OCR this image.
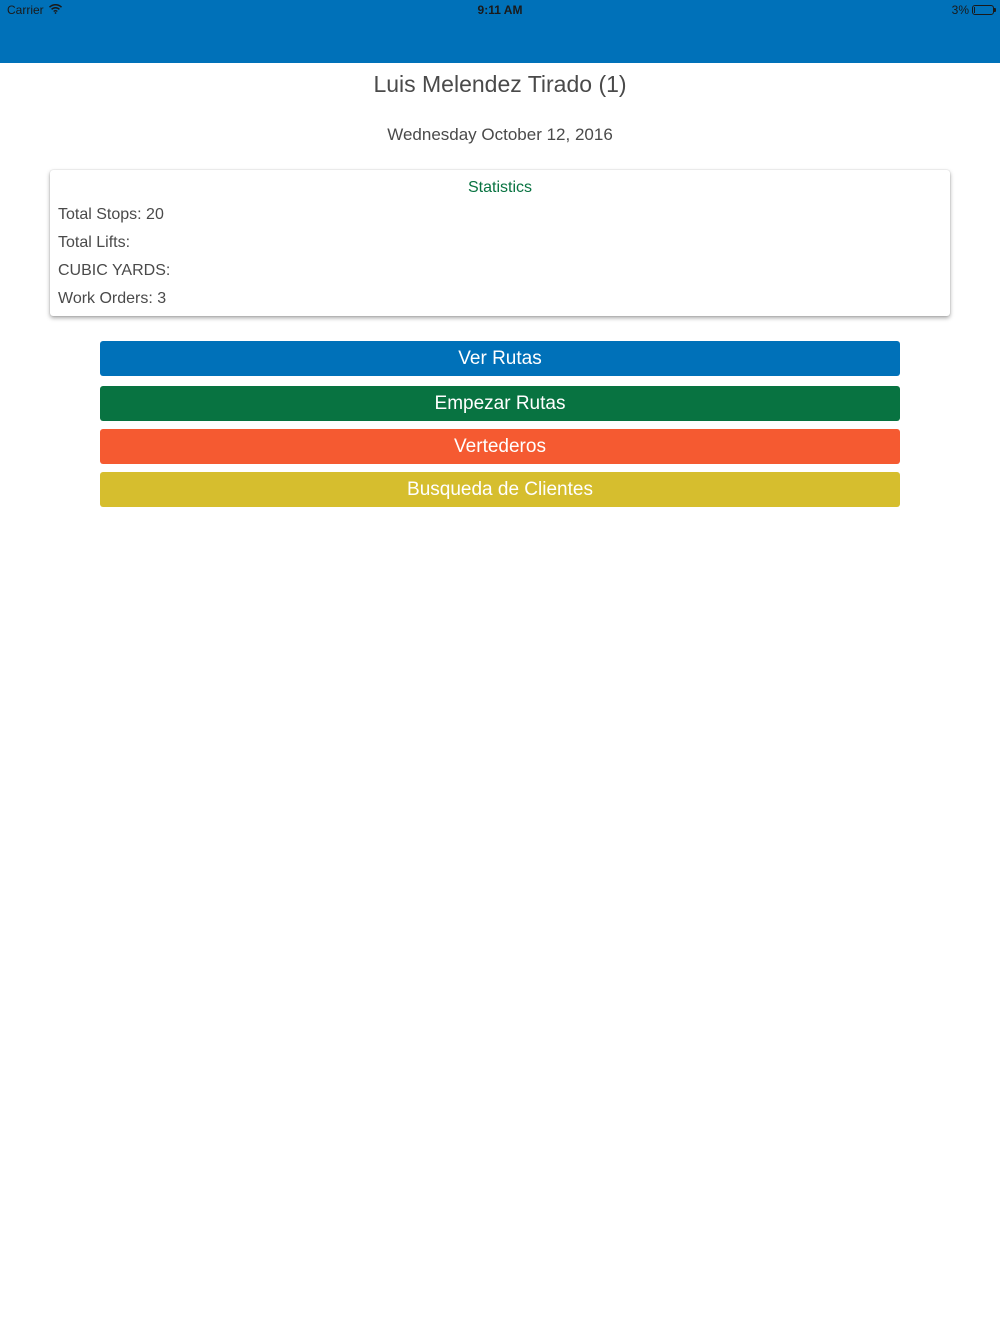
Carrier	9:11 AM	3%
Luis Melendez Tirado (1)
Wednesday October 12, 2016
Statistics
Total Stops: 20
Total Lifts:
CUBIC YARDS:
Work Orders: 3
Ver Rutas
Empezar Rutas
Vertederos
Busqueda de Clientes
